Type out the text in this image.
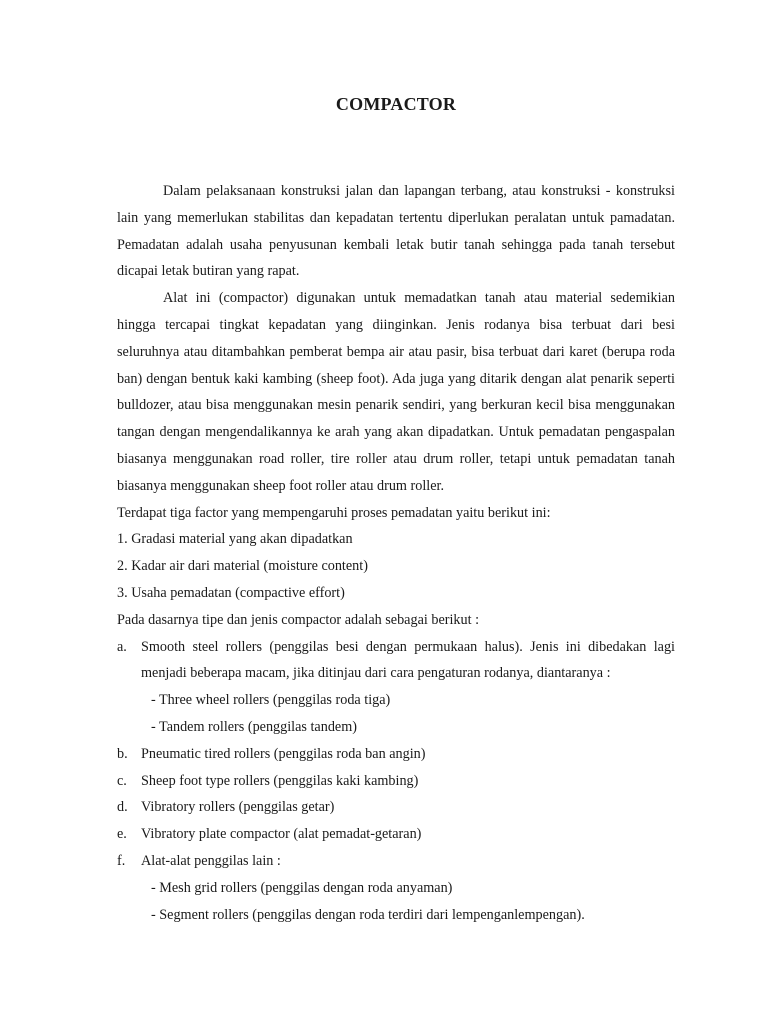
COMPACTOR

Dalam pelaksanaan konstruksi jalan dan lapangan terbang, atau konstruksi - konstruksi lain yang memerlukan stabilitas dan kepadatan tertentu diperlukan peralatan untuk pamadatan. Pemadatan adalah usaha penyusunan kembali letak butir tanah sehingga pada tanah tersebut dicapai letak butiran yang rapat.

Alat ini (compactor) digunakan untuk memadatkan tanah atau material sedemikian hingga tercapai tingkat kepadatan yang diinginkan. Jenis rodanya bisa terbuat dari besi seluruhnya atau ditambahkan pemberat bempa air atau pasir, bisa terbuat dari karet (berupa roda ban) dengan bentuk kaki kambing (sheep foot). Ada juga yang ditarik dengan alat penarik seperti bulldozer, atau bisa menggunakan mesin penarik sendiri, yang berkuran kecil bisa menggunakan tangan dengan mengendalikannya ke arah yang akan dipadatkan. Untuk pemadatan pengaspalan biasanya menggunakan road roller, tire roller atau drum roller, tetapi untuk pemadatan tanah biasanya menggunakan sheep foot roller atau drum roller.

Terdapat tiga factor yang mempengaruhi proses pemadatan yaitu berikut ini:

1. Gradasi material yang akan dipadatkan

2. Kadar air dari material (moisture content)

3. Usaha pemadatan (compactive effort)

Pada dasarnya tipe dan jenis compactor adalah sebagai berikut :

a. Smooth steel rollers (penggilas besi dengan permukaan halus). Jenis ini dibedakan lagi menjadi beberapa macam, jika ditinjau dari cara pengaturan rodanya, diantaranya :

- Three wheel rollers (penggilas roda tiga)

- Tandem rollers (penggilas tandem)

b. Pneumatic tired rollers (penggilas roda ban angin)
c. Sheep foot type rollers (penggilas kaki kambing)
d. Vibratory rollers (penggilas getar)
e. Vibratory plate compactor (alat pemadat-getaran)
f. Alat-alat penggilas lain :

- Mesh grid rollers (penggilas dengan roda anyaman)

- Segment rollers (penggilas dengan roda terdiri dari lempenganlempengan).
